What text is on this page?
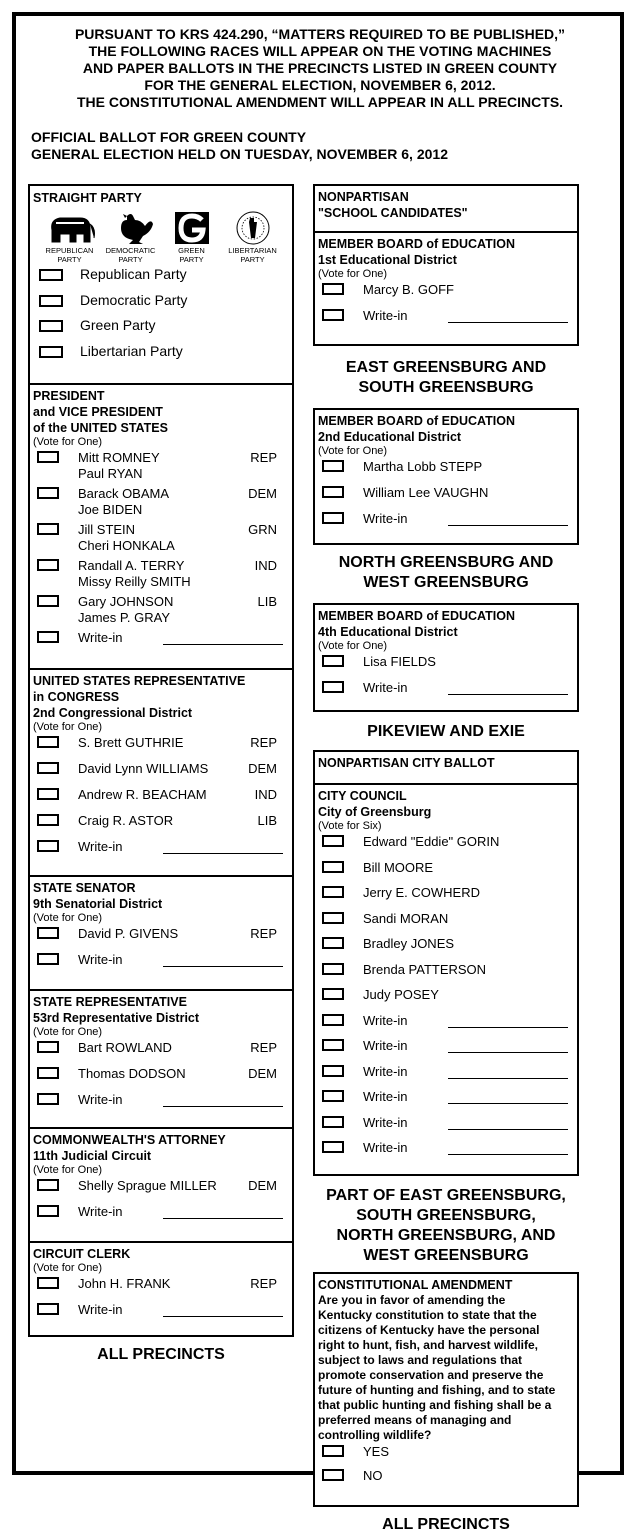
PURSUANT TO KRS 424.290, “MATTERS REQUIRED TO BE PUBLISHED,”
THE FOLLOWING RACES WILL APPEAR ON THE VOTING MACHINES
AND PAPER BALLOTS IN THE PRECINCTS LISTED IN GREEN COUNTY
FOR THE GENERAL ELECTION, NOVEMBER 6, 2012.
THE CONSTITUTIONAL AMENDMENT WILL APPEAR IN ALL PRECINCTS.
OFFICIAL BALLOT FOR GREEN COUNTY
GENERAL ELECTION HELD ON TUESDAY, NOVEMBER 6, 2012
STRAIGHT PARTY
REPUBLICAN
PARTY
DEMOCRATIC
PARTY
GREEN
PARTY
LIBERTARIAN
PARTY
Republican Party
Democratic Party
Green Party
Libertarian Party
PRESIDENT
and VICE PRESIDENT
of the UNITED STATES
(Vote for One)
Mitt ROMNEY
Paul RYAN
REP
Barack OBAMA
Joe BIDEN
DEM
Jill STEIN
Cheri HONKALA
GRN
Randall A. TERRY
Missy Reilly SMITH
IND
Gary JOHNSON
James P. GRAY
LIB
Write-in
UNITED STATES REPRESENTATIVE
in CONGRESS
2nd Congressional District
(Vote for One)
S. Brett GUTHRIE	REP
David Lynn WILLIAMS	DEM
Andrew R. BEACHAM	IND
Craig R. ASTOR	LIB
Write-in
STATE SENATOR
9th Senatorial District
(Vote for One)
David P. GIVENS	REP
Write-in
STATE REPRESENTATIVE
53rd Representative District
(Vote for One)
Bart ROWLAND	REP
Thomas DODSON	DEM
Write-in
COMMONWEALTH'S ATTORNEY
11th Judicial Circuit
(Vote for One)
Shelly Sprague MILLER DEM
Write-in
CIRCUIT CLERK
(Vote for One)
John H. FRANK	REP
Write-in
ALL PRECINCTS
NONPARTISAN
"SCHOOL CANDIDATES"
MEMBER BOARD of EDUCATION
1st Educational District
(Vote for One)
Marcy B. GOFF
Write-in
EAST GREENSBURG AND
SOUTH GREENSBURG
MEMBER BOARD of EDUCATION
2nd Educational District
(Vote for One)
Martha Lobb STEPP
William Lee VAUGHN
Write-in
NORTH GREENSBURG AND
WEST GREENSBURG
MEMBER BOARD of EDUCATION
4th Educational District
(Vote for One)
Lisa FIELDS
Write-in
PIKEVIEW AND EXIE
NONPARTISAN CITY BALLOT
CITY COUNCIL
City of Greensburg
(Vote for Six)
Edward "Eddie" GORIN
Bill MOORE
Jerry E. COWHERD
Sandi MORAN
Bradley JONES
Brenda PATTERSON
Judy POSEY
Write-in
Write-in
Write-in
Write-in
Write-in
Write-in
PART OF EAST GREENSBURG,
SOUTH GREENSBURG,
NORTH GREENSBURG, AND
WEST GREENSBURG
CONSTITUTIONAL AMENDMENT
Are you in favor of amending the
Kentucky constitution to state that the
citizens of Kentucky have the personal
right to hunt, fish, and harvest wildlife,
subject to laws and regulations that
promote conservation and preserve the
future of hunting and fishing, and to state
that public hunting and fishing shall be a
preferred means of managing and
controlling wildlife?
YES
NO
ALL PRECINCTS
